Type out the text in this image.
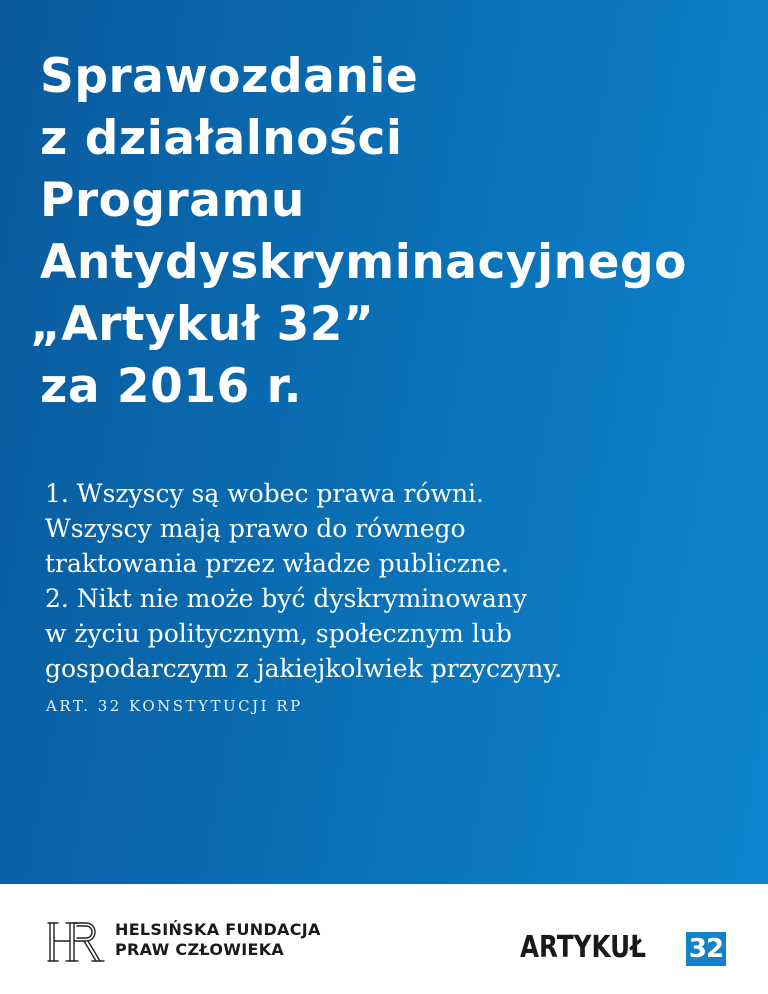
Sprawozdanie
z działalności
Programu
Antydyskryminacyjnego
„Artykuł 32”
za 2016 r.

1. Wszyscy są wobec prawa równi.
Wszyscy mają prawo do równego
traktowania przez władze publiczne.
2. Nikt nie może być dyskryminowany
w życiu politycznym, społecznym lub
gospodarczym z jakiejkolwiek przyczyny.

ART. 32 KONSTYTUCJI RP

HELSIŃSKA FUNDACJA
PRAW CZŁOWIEKA	ARTYKUŁ 32
